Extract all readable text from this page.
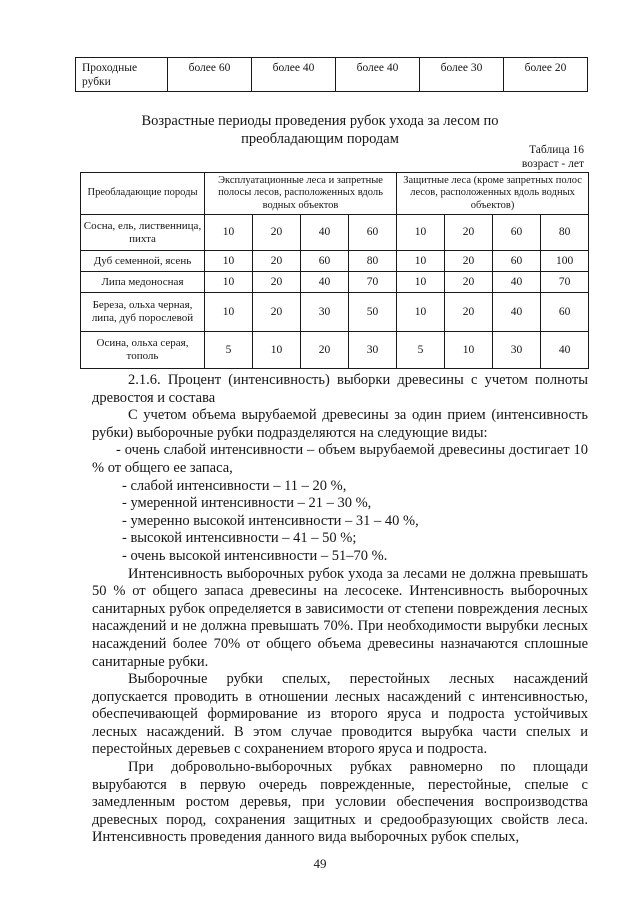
Проходные рубки	более 60	более 40	более 40	более 30	более 20
Возрастные периоды проведения рубок ухода за лесом по преобладающим породам
Таблица 16
возраст - лет
Преобладающие породы	Эксплуатационные леса и запретные полосы лесов, расположенных вдоль водных объектов				Защитные леса (кроме запретных полос лесов, расположенных вдоль водных объектов)			
Сосна, ель, лиственница, пихта	10	20	40	60	10	20	60	80
Дуб семенной, ясень	10	20	60	80	10	20	60	100
Липа медоносная	10	20	40	70	10	20	40	70
Береза, ольха черная, липа, дуб порослевой	10	20	30	50	10	20	40	60
Осина, ольха серая, тополь	5	10	20	30	5	10	30	40

2.1.6. Процент (интенсивность) выборки древесины с учетом полноты древостоя и состава

С учетом объема вырубаемой древесины за один прием (интенсивность рубки) выборочные рубки подразделяются на следующие виды:

- очень слабой интенсивности – объем вырубаемой древесины достигает 10 % от общего ее запаса,

- слабой интенсивности – 11 – 20 %,

- умеренной интенсивности – 21 – 30 %,

- умеренно высокой интенсивности – 31 – 40 %,

- высокой интенсивности – 41 – 50 %;

- очень высокой интенсивности – 51–70 %.

Интенсивность выборочных рубок ухода за лесами не должна превышать 50 % от общего запаса древесины на лесосеке. Интенсивность выборочных санитарных рубок определяется в зависимости от степени повреждения лесных насаждений и не должна превышать 70%. При необходимости вырубки лесных насаждений более 70% от общего объема древесины назначаются сплошные санитарные рубки.

Выборочные рубки спелых, перестойных лесных насаждений допускается проводить в отношении лесных насаждений с интенсивностью, обеспечивающей формирование из второго яруса и подроста устойчивых лесных насаждений. В этом случае проводится вырубка части спелых и перестойных деревьев с сохранением второго яруса и подроста.

При добровольно-выборочных рубках равномерно по площади вырубаются в первую очередь поврежденные, перестойные, спелые с замедленным ростом деревья, при условии обеспечения воспроизводства древесных пород, сохранения защитных и средообразующих свойств леса. Интенсивность проведения данного вида выборочных рубок спелых,

49
